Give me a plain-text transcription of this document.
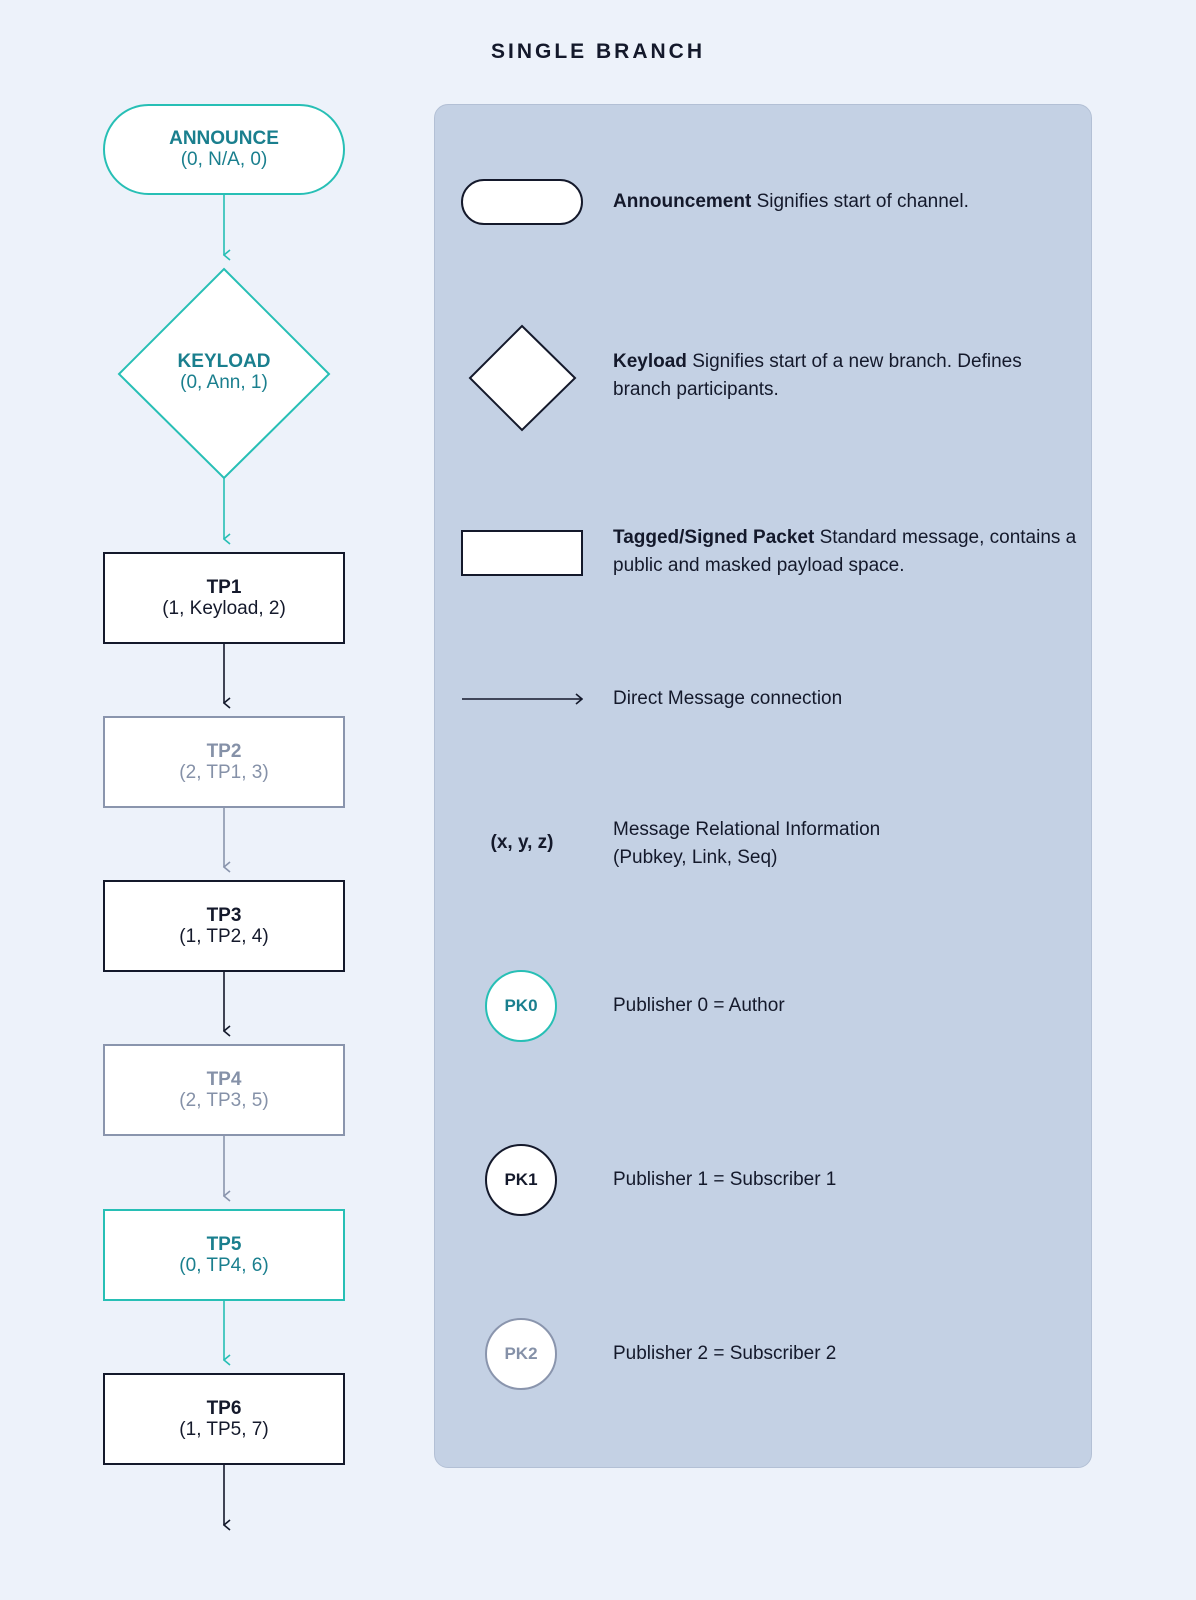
SINGLE BRANCH
ANNOUNCE
(0, N/A, 0)
KEYLOAD
(0, Ann, 1)
TP1
(1, Keyload, 2)
TP2
(2, TP1, 3)
TP3
(1, TP2, 4)
TP4
(2, TP3, 5)
TP5
(0, TP4, 6)
TP6
(1, TP5, 7)
Announcement Signifies start of channel.
Keyload Signifies start of a new branch. Defines branch participants.
Tagged/Signed Packet Standard message, contains a public and masked payload space.
Direct Message connection
(x, y, z)
Message Relational Information
(Pubkey, Link, Seq)
PK0	Publisher 0 = Author
PK1	Publisher 1 = Subscriber 1
PK2	Publisher 2 = Subscriber 2
